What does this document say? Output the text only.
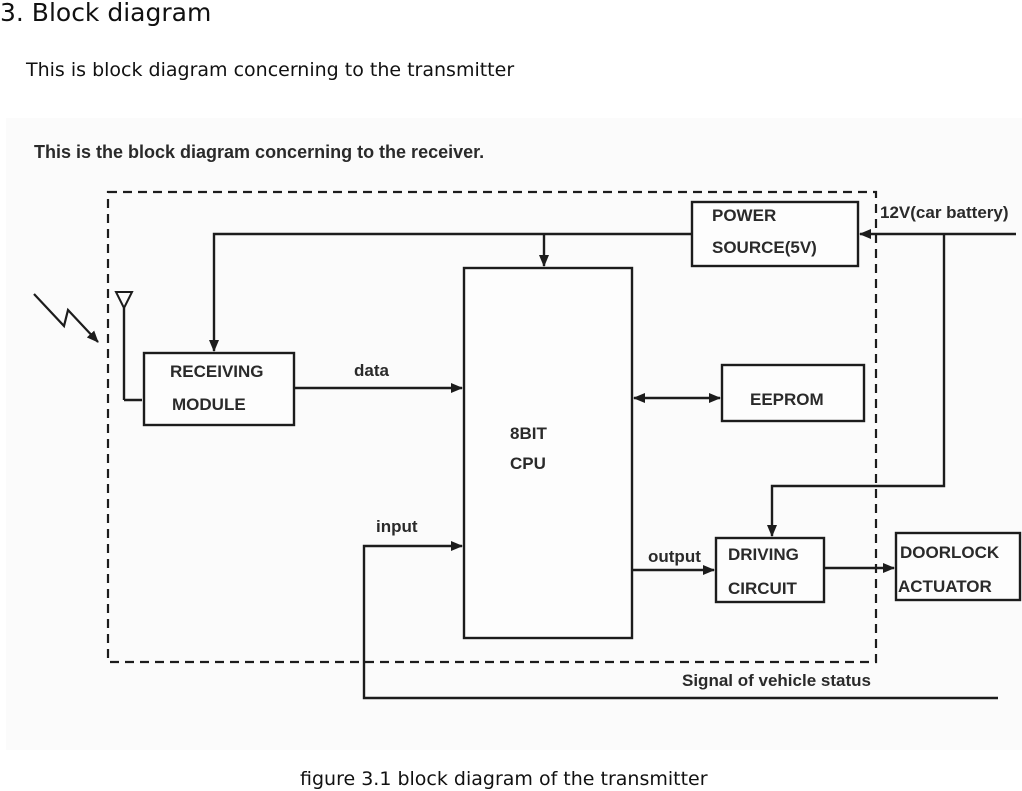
3. Block diagram

This is block diagram concerning to the transmitter

This is the block diagram concerning to the receiver.
POWER
SOURCE(5V)
RECEIVING
MODULE
8BIT
CPU
EEPROM
DRIVING
CIRCUIT
DOORLOCK
ACTUATOR
12V(car battery)
data
output
input
Signal of vehicle status

figure 3.1 block diagram of the transmitter
